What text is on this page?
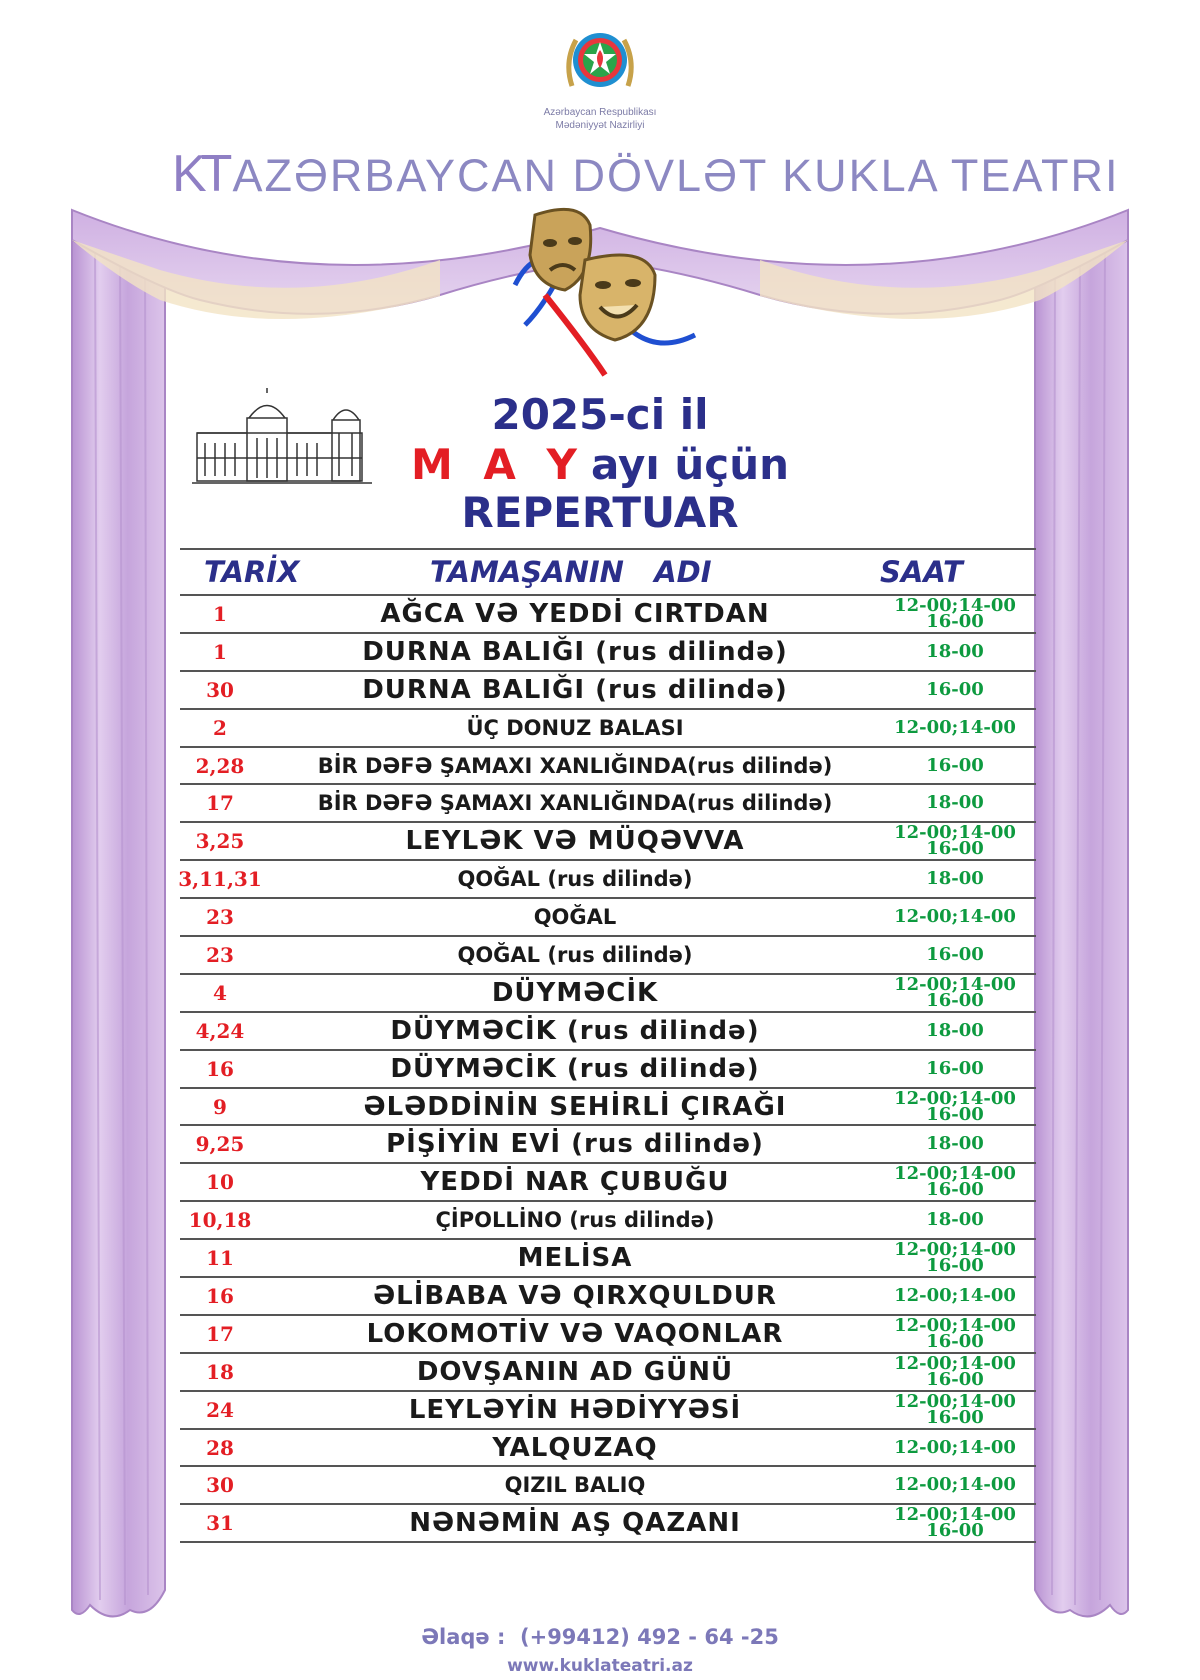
Azərbaycan Respublikası
Mədəniyyət Nazirliyi
KT AZƏRBAYCAN DÖVLƏT KUKLA TEATRI
2025-ci il
M A Y ayı üçün
REPERTUAR
TARİX	TAMAŞANIN   ADI	SAAT
1	AĞCA VƏ YEDDİ CIRTDAN	12-00;14-00
16-00
1	DURNA BALIĞI (rus dilində)	18-00
30	DURNA BALIĞI (rus dilində)	16-00
2	ÜÇ DONUZ BALASI	12-00;14-00
2,28	BİR DƏFƏ ŞAMAXI XANLIĞINDA(rus dilində)	16-00
17	BİR DƏFƏ ŞAMAXI XANLIĞINDA(rus dilində)	18-00
3,25	LEYLƏK VƏ MÜQƏVVA	12-00;14-00
16-00
3,11,31	QOĞAL (rus dilində)	18-00
23	QOĞAL	12-00;14-00
23	QOĞAL (rus dilində)	16-00
4	DÜYMƏCİK	12-00;14-00
16-00
4,24	DÜYMƏCİK (rus dilində)	18-00
16	DÜYMƏCİK (rus dilində)	16-00
9	ƏLƏDDİNİN SEHİRLİ ÇIRAĞI	12-00;14-00
16-00
9,25	PİŞİYİN EVİ (rus dilində)	18-00
10	YEDDİ NAR ÇUBUĞU	12-00;14-00
16-00
10,18	ÇİPOLLİNO (rus dilində)	18-00
11	MELİSA	12-00;14-00
16-00
16	ƏLİBABA VƏ QIRXQULDUR	12-00;14-00
17	LOKOMOTİV VƏ VAQONLAR	12-00;14-00
16-00
18	DOVŞANIN AD GÜNÜ	12-00;14-00
16-00
24	LEYLƏYİN HƏDİYYƏSİ	12-00;14-00
16-00
28	YALQUZAQ	12-00;14-00
30	QIZIL BALIQ	12-00;14-00
31	NƏNƏMİN AŞ QAZANI	12-00;14-00
16-00
Əlaqə :  (+99412) 492 - 64 -25
www.kuklateatri.az
